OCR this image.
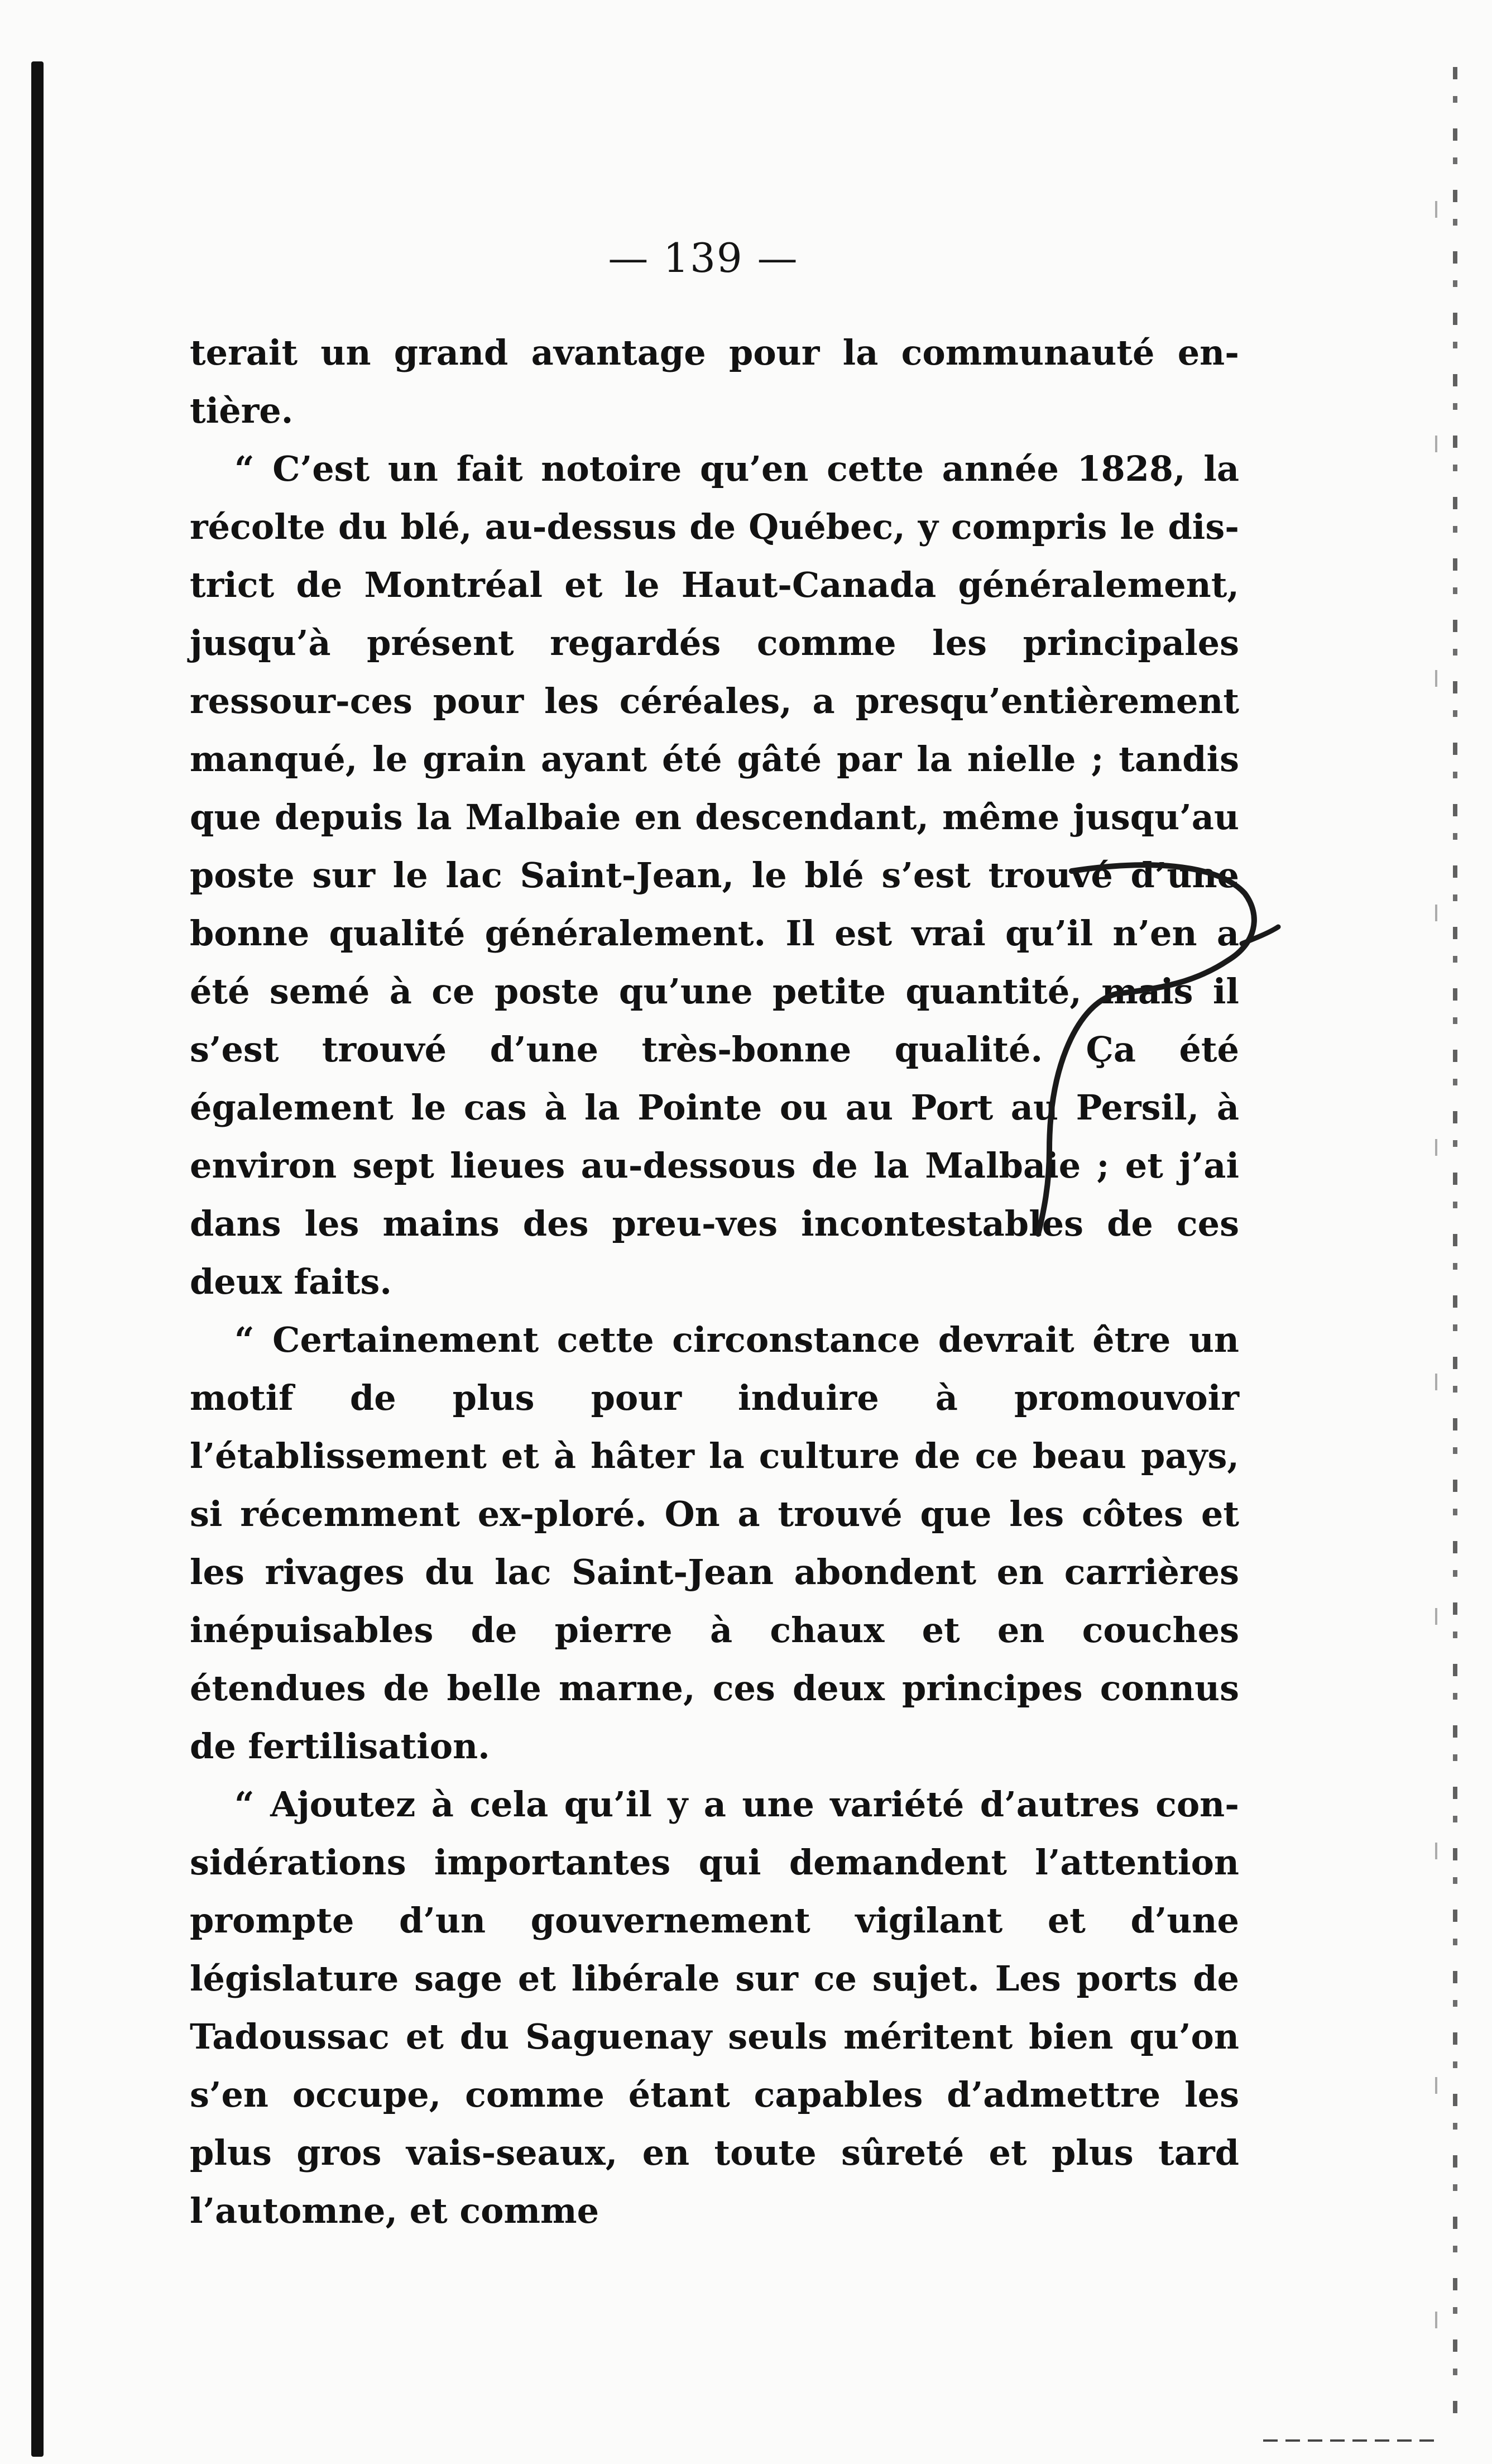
— 139 —

terait un grand avantage pour la communauté en-tière.

“ C’est un fait notoire qu’en cette année 1828, la récolte du blé, au-dessus de Québec, y compris le dis-trict de Montréal et le Haut-Canada généralement, jusqu’à présent regardés comme les principales ressour-ces pour les céréales, a presqu’entièrement manqué, le grain ayant été gâté par la nielle ; tandis que depuis la Malbaie en descendant, même jusqu’au poste sur le lac Saint-Jean, le blé s’est trouvé d’une bonne qualité généralement. Il est vrai qu’il n’en a été semé à ce poste qu’une petite quantité, mais il s’est trouvé d’une très-bonne qualité. Ça été également le cas à la Pointe ou au Port au Persil, à environ sept lieues au-dessous de la Malbaie ; et j’ai dans les mains des preu-ves incontestables de ces deux faits.

“ Certainement cette circonstance devrait être un motif de plus pour induire à promouvoir l’établissement et à hâter la culture de ce beau pays, si récemment ex-ploré. On a trouvé que les côtes et les rivages du lac Saint-Jean abondent en carrières inépuisables de pierre à chaux et en couches étendues de belle marne, ces deux principes connus de fertilisation.

“ Ajoutez à cela qu’il y a une variété d’autres con-sidérations importantes qui demandent l’attention prompte d’un gouvernement vigilant et d’une législature sage et libérale sur ce sujet. Les ports de Tadoussac et du Saguenay seuls méritent bien qu’on s’en occupe, comme étant capables d’admettre les plus gros vais-seaux, en toute sûreté et plus tard l’automne, et comme
